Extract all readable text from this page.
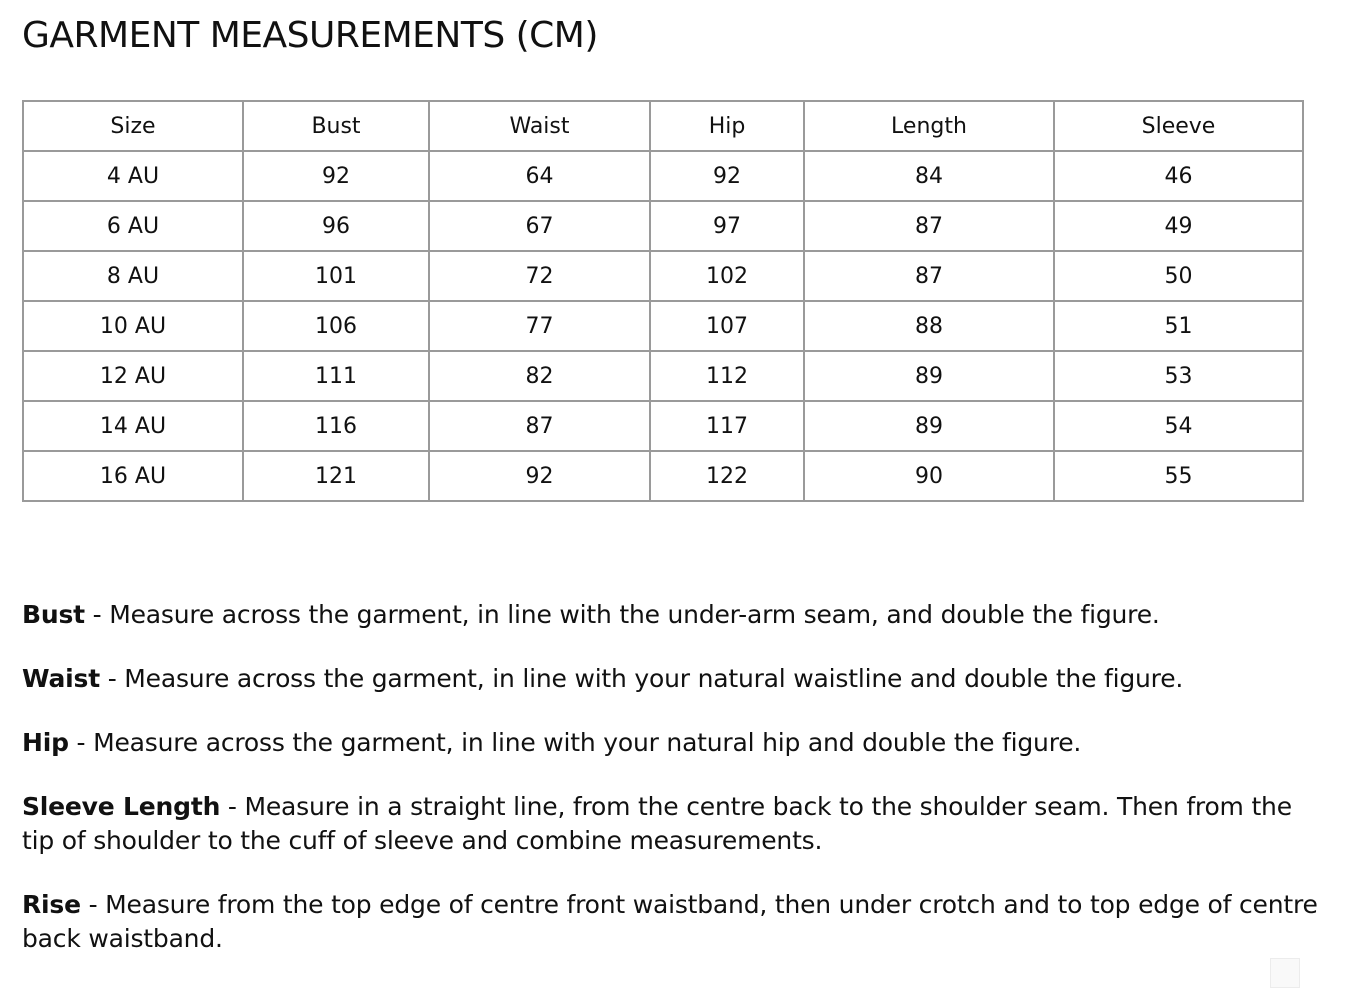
GARMENT MEASUREMENTS (CM)
Size	Bust	Waist	Hip	Length	Sleeve
4 AU	92	64	92	84	46
6 AU	96	67	97	87	49
8 AU	101	72	102	87	50
10 AU	106	77	107	88	51
12 AU	111	82	112	89	53
14 AU	116	87	117	89	54
16 AU	121	92	122	90	55

Bust - Measure across the garment, in line with the under-arm seam, and double the figure.

Waist - Measure across the garment, in line with your natural waistline and double the figure.

Hip - Measure across the garment, in line with your natural hip and double the figure.

Sleeve Length - Measure in a straight line, from the centre back to the shoulder seam. Then from the tip of shoulder to the cuff of sleeve and combine measurements.

Rise - Measure from the top edge of centre front waistband, then under crotch and to top edge of centre back waistband.
